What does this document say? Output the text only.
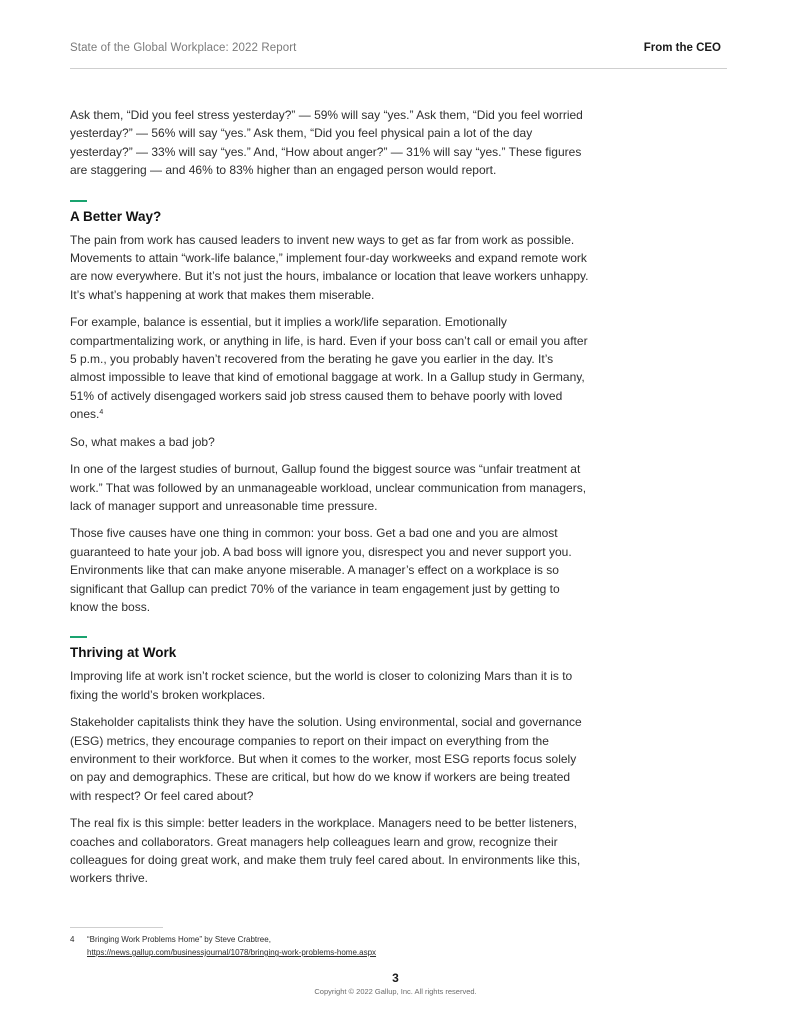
State of the Global Workplace: 2022 Report	From the CEO

Ask them, “Did you feel stress yesterday?” — 59% will say “yes.” Ask them, “Did you feel worried yesterday?” — 56% will say “yes.” Ask them, “Did you feel physical pain a lot of the day yesterday?” — 33% will say “yes.” And, “How about anger?” — 31% will say “yes.” These figures are staggering — and 46% to 83% higher than an engaged person would report.

A Better Way?

The pain from work has caused leaders to invent new ways to get as far from work as possible. Movements to attain “work-life balance,” implement four-day workweeks and expand remote work are now everywhere. But it’s not just the hours, imbalance or location that leave workers unhappy. It’s what’s happening at work that makes them miserable.

For example, balance is essential, but it implies a work/life separation. Emotionally compartmentalizing work, or anything in life, is hard. Even if your boss can’t call or email you after 5 p.m., you probably haven’t recovered from the berating he gave you earlier in the day. It’s almost impossible to leave that kind of emotional baggage at work. In a Gallup study in Germany, 51% of actively disengaged workers said job stress caused them to behave poorly with loved ones.$^4$

So, what makes a bad job?

In one of the largest studies of burnout, Gallup found the biggest source was “unfair treatment at work.” That was followed by an unmanageable workload, unclear communication from managers, lack of manager support and unreasonable time pressure.

Those five causes have one thing in common: your boss. Get a bad one and you are almost guaranteed to hate your job. A bad boss will ignore you, disrespect you and never support you. Environments like that can make anyone miserable. A manager’s effect on a workplace is so significant that Gallup can predict 70% of the variance in team engagement just by getting to know the boss.

Thriving at Work

Improving life at work isn’t rocket science, but the world is closer to colonizing Mars than it is to fixing the world’s broken workplaces.

Stakeholder capitalists think they have the solution. Using environmental, social and governance (ESG) metrics, they encourage companies to report on their impact on everything from the environment to their workforce. But when it comes to the worker, most ESG reports focus solely on pay and demographics. These are critical, but how do we know if workers are being treated with respect? Or feel cared about?

The real fix is this simple: better leaders in the workplace. Managers need to be better listeners, coaches and collaborators. Great managers help colleagues learn and grow, recognize their colleagues for doing great work, and make them truly feel cared about. In environments like this, workers thrive.

4	“Bringing Work Problems Home” by Steve Crabtree,
https://news.gallup.com/businessjournal/1078/bringing-work-problems-home.aspx
3
Copyright © 2022 Gallup, Inc. All rights reserved.
